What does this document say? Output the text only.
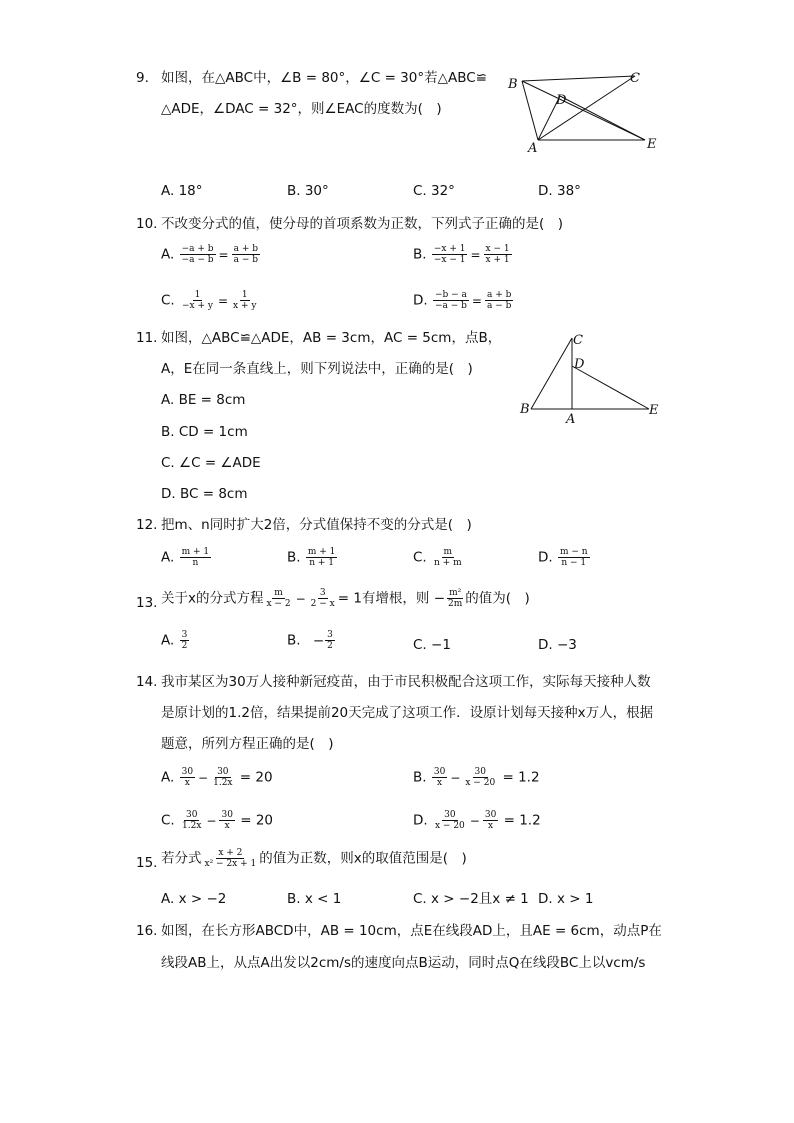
9. 如图，在△ABC中，∠B = 80°，∠C = 30°若△ABC≌
△ADE，∠DAC = 32°，则∠EAC的度数为(　)
B	C
D
A	E
A. 18°	B. 30°	C. 32°	D. 38°
10. 不改变分式的值，使分母的首项系数为正数，下列式子正确的是(　)
A. $\frac{-a + b}{-a - b} = \frac{a + b}{a - b}$	B. $\frac{-x + 1}{-x - 1} = \frac{x - 1}{x + 1}$
C. $\frac{1}{-x + y} = \frac{1}{x + y}$	D. $\frac{-b - a}{-a - b} = \frac{a + b}{a - b}$
11. 如图，△ABC≌△ADE，AB = 3cm，AC = 5cm，点B，
A，E在同一条直线上，则下列说法中，正确的是(　)
C
D
B
A
E
A. BE = 8cm
B. CD = 1cm
C. ∠C = ∠ADE
D. BC = 8cm
12. 把m、n同时扩大2倍，分式值保持不变的分式是(　)
A. $\frac{m + 1}{n}$	B. $\frac{m + 1}{n + 1}$	C. $\frac{m}{n + m}$	D. $\frac{m - n}{n - 1}$
13. 关于x的分式方程 $\frac{m}{x - 2} - \frac{3}{2 - x} = 1$有增根，则 − $\frac{\text{m²}}{2m}$ 的值为(　)
A. $\frac{3}{2}$	B. − $\frac{3}{2}$	C. −1	D. −3
14. 我市某区为30万人接种新冠疫苗，由于市民积极配合这项工作，实际每天接种人数
是原计划的1.2倍，结果提前20天完成了这项工作．设原计划每天接种x万人，根据
题意，所列方程正确的是(　)
A. $\frac{30}{x} - \frac{30}{1.2x} = 20$	B. $\frac{30}{x} - \frac{30}{x - 20} = 1.2$
C. $\frac{30}{1.2x} - \frac{30}{x} = 20$	D. $\frac{30}{x - 20} - \frac{30}{x} = 1.2$
15. 若分式 $\frac{x + 2}{\text{x² − 2x + 1}}$ 的值为正数，则x的取值范围是(　)
A. x > −2	B. x < 1	C. x > −2且x ≠ 1 D. x > 1
16. 如图，在长方形ABCD中，AB = 10cm，点E在线段AD上，且AE = 6cm，动点P在
线段AB上，从点A出发以2cm/s的速度向点B运动，同时点Q在线段BC上以vcm/s
